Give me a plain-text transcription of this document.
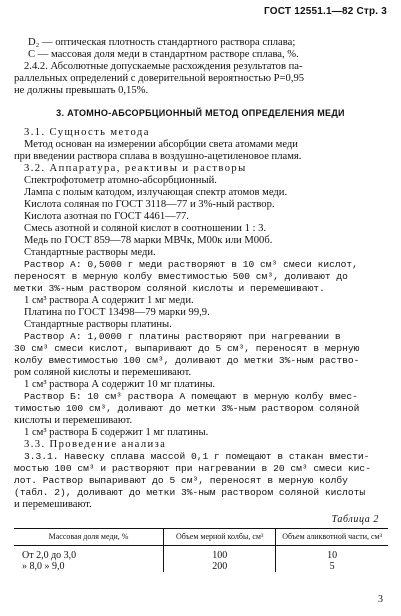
ГОСТ 12551.1—82 Стр. 3
D₂ — оптическая плотность стандартного раствора сплава;
C — массовая доля меди в стандартном растворе сплава, %.
2.4.2. Абсолютные допускаемые расхождения результатов па-
раллельных определений с доверительной вероятностью P=0,95
не должны превышать 0,15%.
3. АТОМНО-АБСОРБЦИОННЫЙ МЕТОД ОПРЕДЕЛЕНИЯ МЕДИ
3.1. Сущность метода
Метод основан на измерении абсорбции света атомами меди
при введении раствора сплава в воздушно-ацетиленовое пламя.
3.2. Аппаратура, реактивы и растворы
Спектрофотометр атомно-абсорбционный.
Лампа с полым катодом, излучающая спектр атомов меди.
Кислота соляная по ГОСТ 3118—77 и 3%-ный раствор.
Кислота азотная по ГОСТ 4461—77.
Смесь азотной и соляной кислот в соотношении 1 : 3.
Медь по ГОСТ 859—78 марки МВЧк, М00к или М00б.
Стандартные растворы меди.
Раствор А: 0,5000 г меди растворяют в 10 см³ смеси кислот,
переносят в мерную колбу вместимостью 500 см³, доливают до
метки 3%-ным раствором соляной кислоты и перемешивают.
1 см³ раствора А содержит 1 мг меди.
Платина по ГОСТ 13498—79 марки 99,9.
Стандартные растворы платины.
Раствор А: 1,0000 г платины растворяют при нагревании в
30 см³ смеси кислот, выпаривают до 5 см³, переносят в мерную
колбу вместимостью 100 см³, доливают до метки 3%-ным раство-
ром соляной кислоты и перемешивают.
1 см³ раствора А содержит 10 мг платины.
Раствор Б: 10 см³ раствора А помещают в мерную колбу вмес-
тимостью 100 см³, доливают до метки 3%-ным раствором соляной
кислоты и перемешивают.
1 см³ раствора Б содержит 1 мг платины.
3.3. Проведение анализа
3.3.1. Навеску сплава массой 0,1 г помещают в стакан вмести-
мостью 100 см³ и растворяют при нагревании в 20 см³ смеси кис-
лот. Раствор выпаривают до 5 см³, переносят в мерную колбу
(табл. 2), доливают до метки 3%-ным раствором соляной кислоты
и перемешивают.
Таблица 2
Массовая доля меди, %	Объем мерной колбы, см³	Объем аликвотной части, см³
От 2,0 до 3,0	100	10
» 8,0 » 9,0	200	5
3
